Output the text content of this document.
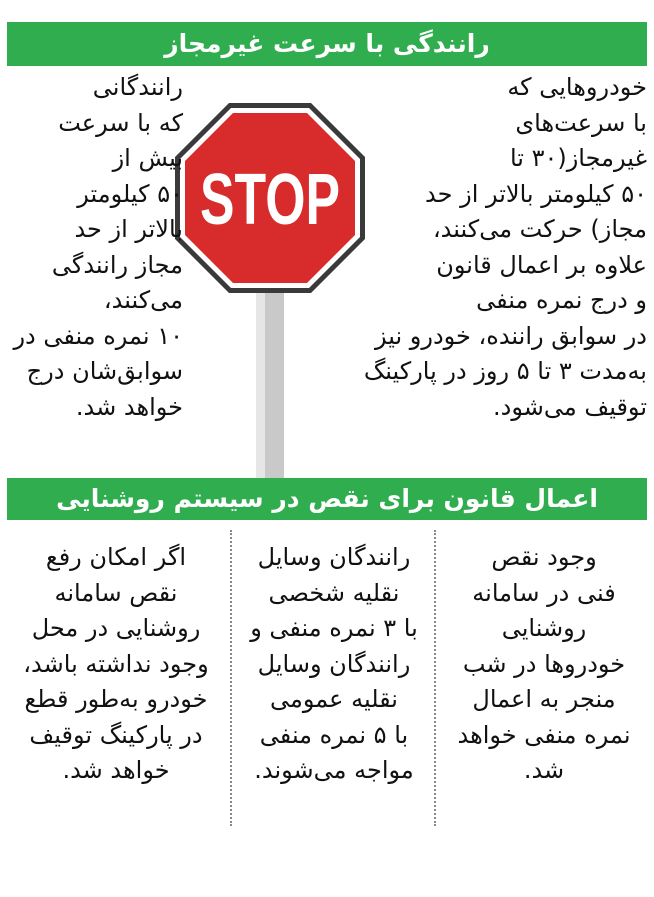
رانندگی با سرعت غیرمجاز
خودروهایی که
با سرعت‌های
غیرمجاز(۳۰ تا
۵۰ کیلومتر بالاتر از حد
مجاز) حرکت می‌کنند،
علاوه بر اعمال قانون
و درج نمره منفی
در سوابق راننده، خودرو نیز
به‌مدت ۳ تا ۵ روز در پارکینگ
توقیف می‌شود.
STOP
رانندگانی
که با سرعت
بیش از
۵۰ کیلومتر
بالاتر از حد
مجاز رانندگی
می‌کنند،
۱۰ نمره منفی در
سوابق‌شان درج
خواهد شد.
اعمال قانون برای نقص در سیستم روشنایی
وجود نقص
فنی در سامانه
روشنایی
خودروها در شب
منجر به اعمال
نمره منفی خواهد
شد.
رانندگان وسایل
نقلیه شخصی
با ۳ نمره منفی و
رانندگان وسایل
نقلیه عمومی
با ۵ نمره منفی
مواجه می‌شوند.
اگر امکان رفع
نقص سامانه
روشنایی در محل
وجود نداشته باشد،
خودرو به‌طور قطع
در پارکینگ توقیف
خواهد شد.
